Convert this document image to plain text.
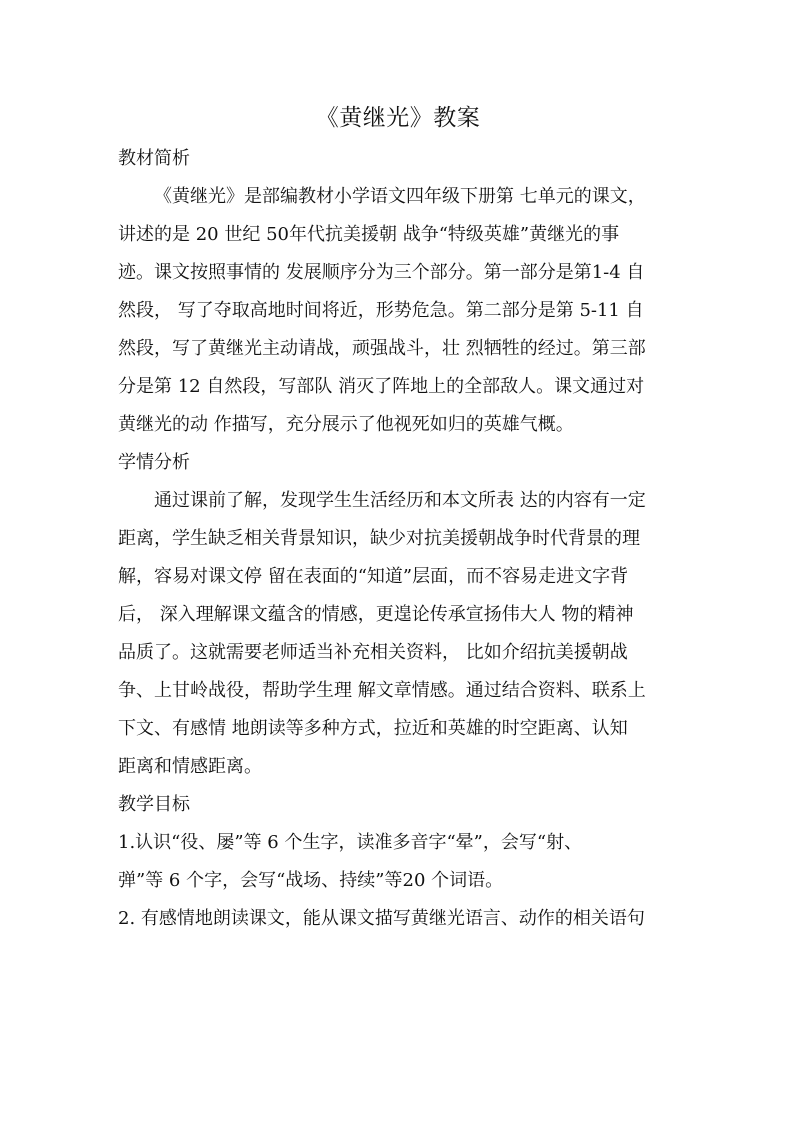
《黄继光》教案
教材简析
《黄继光》是部编教材小学语文四年级下册第 七单元的课文，
讲述的是 20 世纪 50年代抗美援朝 战争“特级英雄”黄继光的事
迹。课文按照事情的 发展顺序分为三个部分。第一部分是第1-4 自
然段， 写了夺取高地时间将近，形势危急。第二部分是第 5-11 自
然段，写了黄继光主动请战，顽强战斗，壮 烈牺牲的经过。第三部
分是第 12 自然段，写部队 消灭了阵地上的全部敌人。课文通过对
黄继光的动 作描写，充分展示了他视死如归的英雄气概。
学情分析
通过课前了解，发现学生生活经历和本文所表 达的内容有一定
距离，学生缺乏相关背景知识，缺少对抗美援朝战争时代背景的理
解，容易对课文停 留在表面的“知道”层面，而不容易走进文字背
后， 深入理解课文蕴含的情感，更遑论传承宣扬伟大人 物的精神
品质了。这就需要老师适当补充相关资料， 比如介绍抗美援朝战
争、上甘岭战役，帮助学生理 解文章情感。通过结合资料、联系上
下文、有感情 地朗读等多种方式，拉近和英雄的时空距离、认知
距离和情感距离。
教学目标
1.认识“役、屡”等 6 个生字，读准多音字“晕”，会写“射、
弹”等 6 个字，会写“战场、持续”等20 个词语。
2. 有感情地朗读课文，能从课文描写黄继光语言、动作的相关语句
